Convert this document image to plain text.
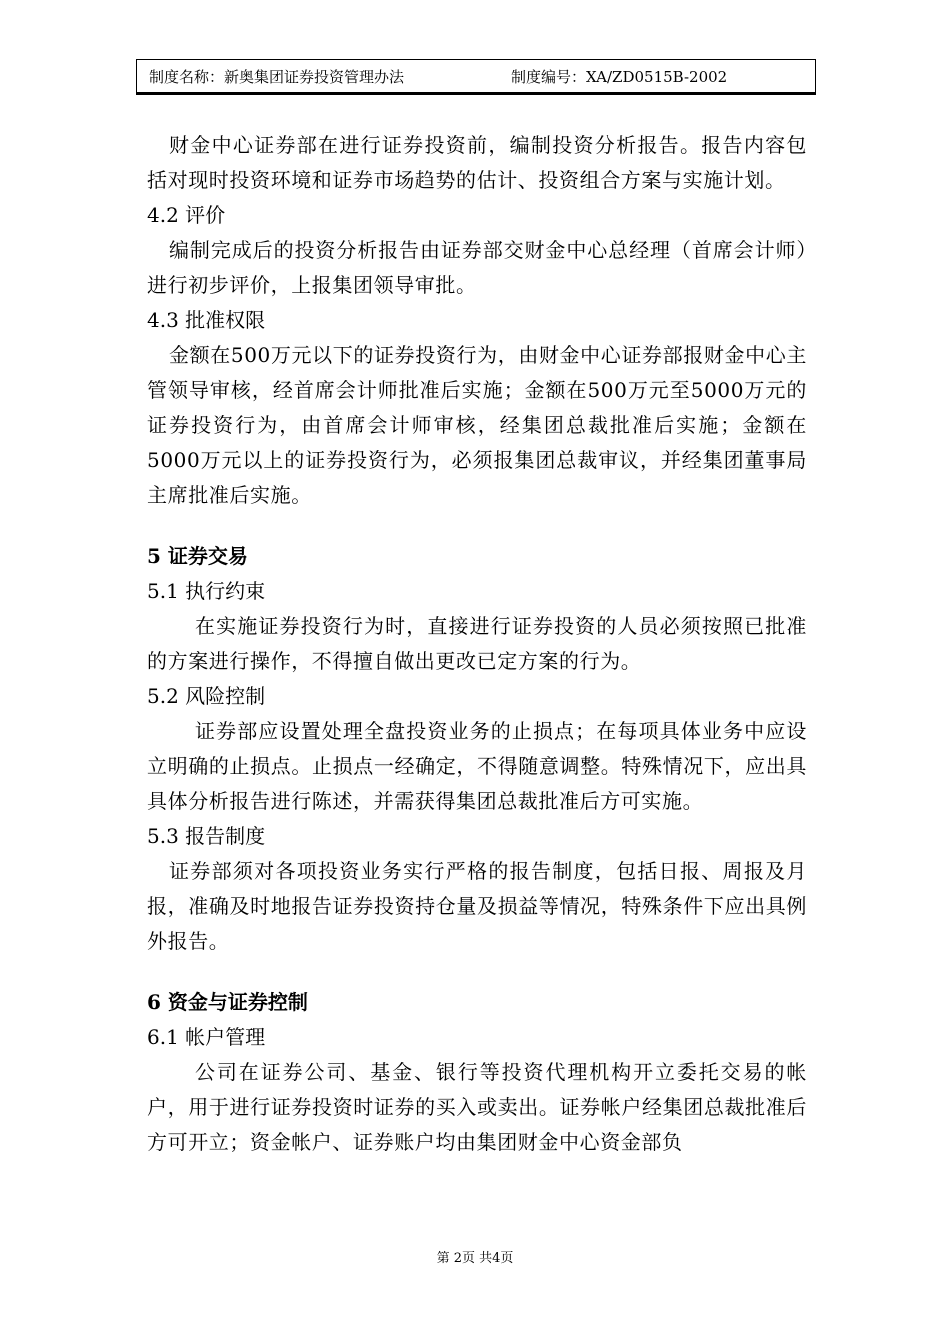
制度名称：新奥集团证券投资管理办法	制度编号：XA/ZD0515B-2002

财金中心证券部在进行证券投资前，编制投资分析报告。报告内容包括对现时投资环境和证券市场趋势的估计、投资组合方案与实施计划。

4.2 评价

编制完成后的投资分析报告由证券部交财金中心总经理（首席会计师）进行初步评价，上报集团领导审批。

4.3 批准权限

金额在500万元以下的证券投资行为，由财金中心证券部报财金中心主管领导审核，经首席会计师批准后实施；金额在500万元至5000万元的证券投资行为，由首席会计师审核，经集团总裁批准后实施；金额在5000万元以上的证券投资行为，必须报集团总裁审议，并经集团董事局主席批准后实施。

5 证券交易

5.1 执行约束

在实施证券投资行为时，直接进行证券投资的人员必须按照已批准的方案进行操作，不得擅自做出更改已定方案的行为。

5.2 风险控制

证券部应设置处理全盘投资业务的止损点；在每项具体业务中应设立明确的止损点。止损点一经确定，不得随意调整。特殊情况下，应出具具体分析报告进行陈述，并需获得集团总裁批准后方可实施。

5.3 报告制度

证券部须对各项投资业务实行严格的报告制度，包括日报、周报及月报，准确及时地报告证券投资持仓量及损益等情况，特殊条件下应出具例外报告。

6 资金与证券控制

6.1 帐户管理

公司在证券公司、基金、银行等投资代理机构开立委托交易的帐户，用于进行证券投资时证券的买入或卖出。证券帐户经集团总裁批准后方可开立；资金帐户、证券账户均由集团财金中心资金部负

第 2页 共4页
